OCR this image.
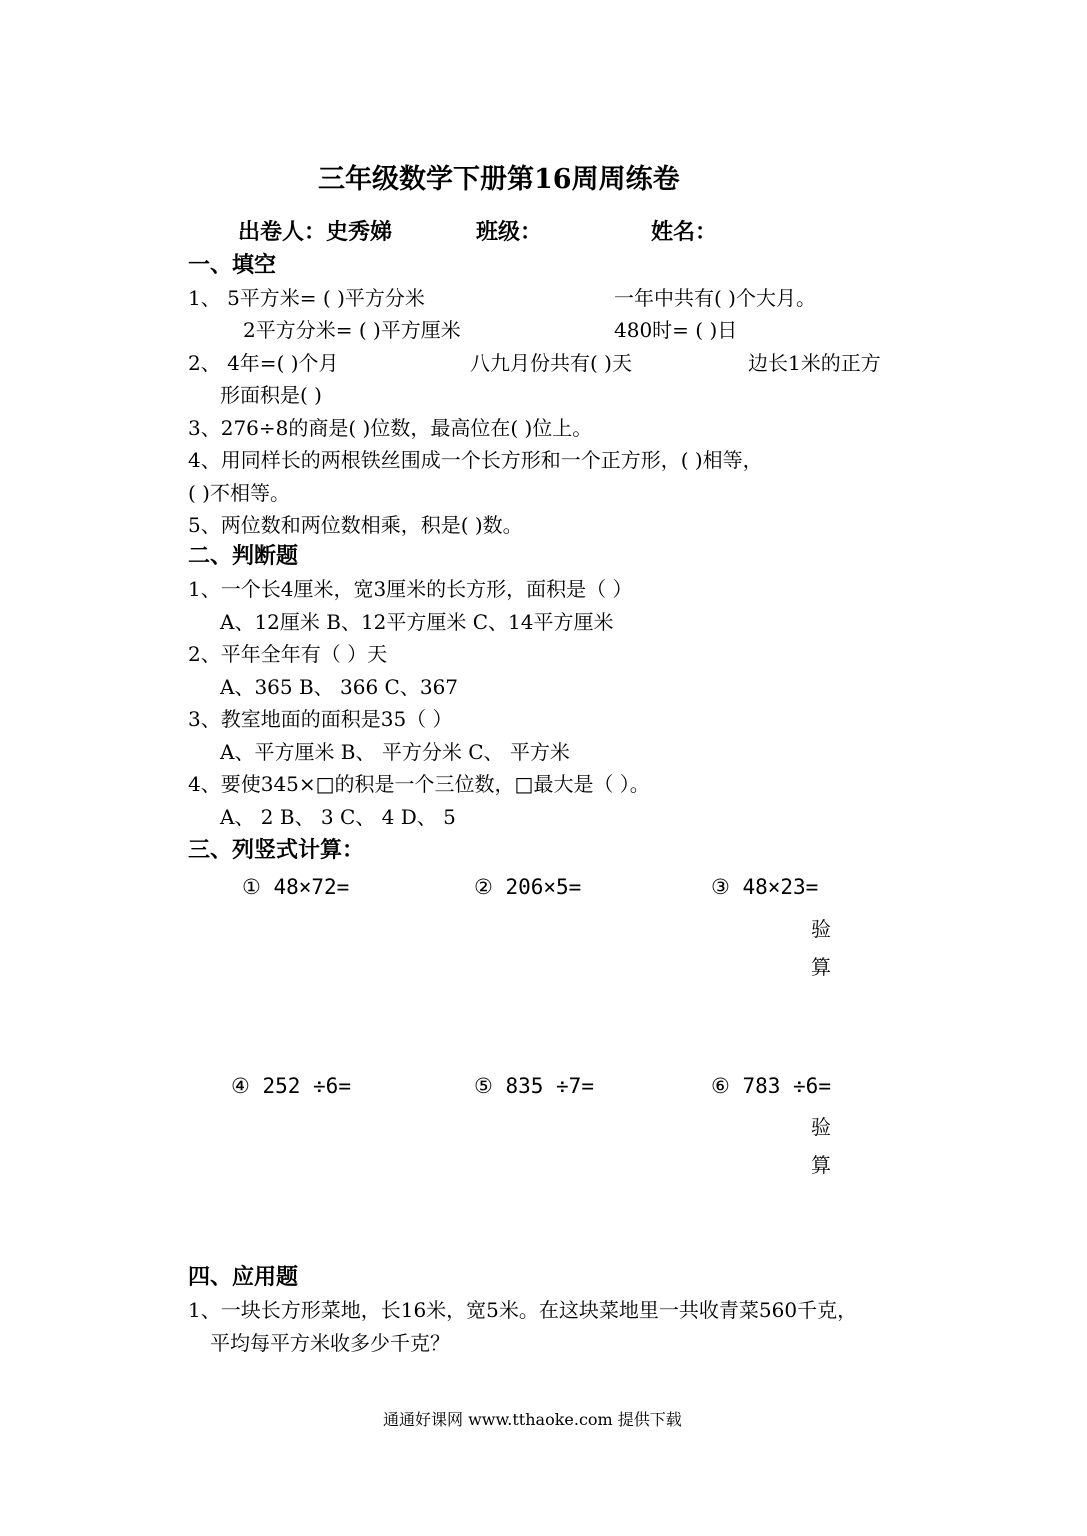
三年级数学下册第16周周练卷
出卷人：史秀娣	班级：	姓名：
一、填空
1、 5平方米= ( )平方分米	一年中共有( )个大月。
2平方分米= ( )平方厘米	480时= ( )日
2、 4年=( )个月	八九月份共有( )天	边长1米的正方
形面积是( )
3、276÷8的商是( )位数，最高位在( )位上。
4、用同样长的两根铁丝围成一个长方形和一个正方形，( )相等，
( )不相等。
5、两位数和两位数相乘，积是( )数。
二、判断题
1、一个长4厘米，宽3厘米的长方形，面积是（ ）
A、12厘米 B、12平方厘米 C、14平方厘米
2、平年全年有（ ）天
A、365 B、 366 C、367
3、教室地面的面积是35（ ）
A、平方厘米 B、 平方分米 C、 平方米
4、要使345×□的积是一个三位数，□最大是（ ）。
A、 2 B、 3 C、 4 D、 5
三、列竖式计算：
① 48×72=	② 206×5=	③ 48×23=
验
算
④ 252 ÷6=	⑤ 835 ÷7=	⑥ 783 ÷6=
验
算
四、应用题
1、一块长方形菜地，长16米，宽5米。在这块菜地里一共收青菜560千克，
平均每平方米收多少千克？
通通好课网 www.tthaoke.com 提供下载
